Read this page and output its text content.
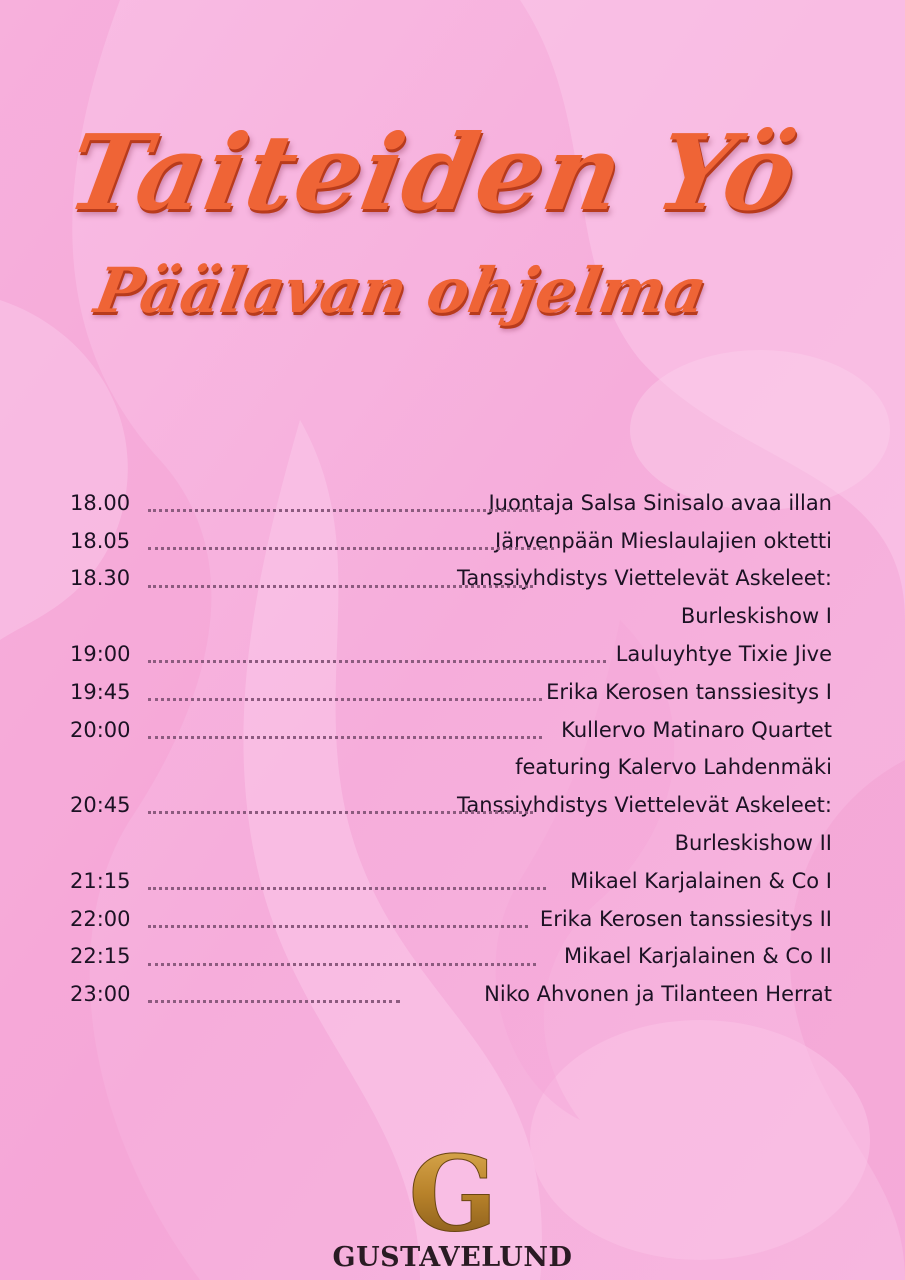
Taiteiden Yö
Päälavan ohjelma
18.00	Juontaja Salsa Sinisalo avaa illan
18.05	Järvenpään Mieslaulajien oktetti
18.30	Tanssiyhdistys Viettelevät Askeleet:
Burleskishow I
19:00	Lauluyhtye Tixie Jive
19:45	Erika Kerosen tanssiesitys I
20:00	Kullervo Matinaro Quartet
featuring Kalervo Lahdenmäki
20:45	Tanssiyhdistys Viettelevät Askeleet:
Burleskishow II
21:15	Mikael Karjalainen & Co I
22:00	Erika Kerosen tanssiesitys II
22:15	Mikael Karjalainen & Co II
23:00	Niko Ahvonen ja Tilanteen Herrat
G
GUSTAVELUND
